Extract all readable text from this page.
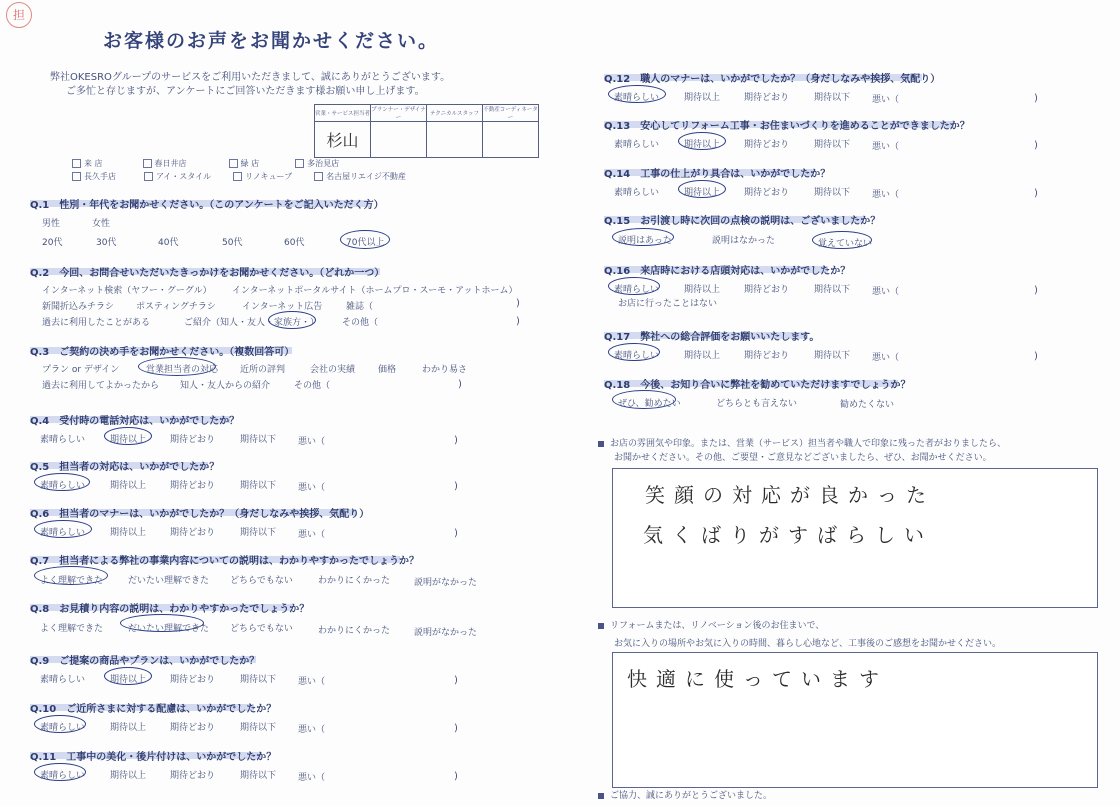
担
お客様のお声をお聞かせください。
弊社OKESROグループのサービスをご利用いただきまして、誠にありがとうございます。
ご多忙と存じますが、アンケートにご回答いただきます様お願い申し上げます。
営業・サービス担当者	プランナー・デザイナー	テクニカルスタッフ	不動産コーディネーター
杉山			
来 店	春日井店	緑 店	多治見店
長久手店	アイ・スタイル	リノキューブ	名古屋リエイジ不動産
Q.1　性別・年代をお聞かせください。（このアンケートをご記入いただく方）
男性	女性
20代	30代	40代	50代	60代	70代以上
Q.2　今回、お問合せいただいたきっかけをお聞かせください。（どれか一つ）
インターネット検索（ヤフー・グーグル） インターネットポータルサイト（ホームプロ・スーモ・アットホーム）
新聞折込みチラシ ポスティングチラシ	インターネット広告	雑誌（	)
過去に利用したことがある	ご紹介（知人・友人・家族方・）	その他（	)
Q.3　ご契約の決め手をお聞かせください。（複数回答可）
プラン or デザイン	営業担当者の対応 近所の評判	会社の実績	価格	わかり易さ
過去に利用してよかったから 知人・友人からの紹介	その他（	)
Q.4　受付時の電話対応は、いかがでしたか？
素晴らしい	期待以上	期待どおり	期待以下 悪い（	)
Q.5　担当者の対応は、いかがでしたか？
素晴らしい	期待以上	期待どおり	期待以下 悪い（	)
Q.6　担当者のマナーは、いかがでしたか？（身だしなみや挨拶、気配り）
素晴らしい	期待以上	期待どおり	期待以下 悪い（	)
Q.9　ご提案の商品やプランは、いかがでしたか？
素晴らしい	期待以上	期待どおり	期待以下 悪い（	)
Q.10　ご近所さまに対する配慮は、いかがでしたか？
素晴らしい	期待以上	期待どおり	期待以下 悪い（	)
Q.11　工事中の美化・後片付けは、いかがでしたか？
素晴らしい	期待以上	期待どおり	期待以下 悪い（	)
Q.12　職人のマナーは、いかがでしたか？（身だしなみや挨拶、気配り）
素晴らしい	期待以上	期待どおり	期待以下 悪い（	)
Q.13　安心してリフォーム工事・お住まいづくりを進めることができましたか？
素晴らしい	期待以上	期待どおり	期待以下 悪い（	)
Q.14　工事の仕上がり具合は、いかがでしたか？
素晴らしい	期待以上	期待どおり	期待以下 悪い（	)
Q.16　来店時における店頭対応は、いかがでしたか？
素晴らしい	期待以上	期待どおり	期待以下 悪い（	)
Q.17　弊社への総合評価をお願いいたします。
素晴らしい	期待以上	期待どおり	期待以下 悪い（	)
Q.7　担当者による弊社の事業内容についての説明は、わかりやすかったでしょうか？
よく理解できた	だいたい理解できた どちらでもない	わかりにくかった	説明がなかった
Q.8　お見積り内容の説明は、わかりやすかったでしょうか？
よく理解できた	だいたい理解できた どちらでもない	わかりにくかった	説明がなかった
お店の雰囲気や印象。または、営業（サービス）担当者や職人で印象に残った者がおりましたら、
お聞かせください。その他、ご要望・ご意見などございましたら、ぜひ、お聞かせください。
笑顔の対応が良かった
気くばりがすばらしい
リフォームまたは、リノベーション後のお住まいで、
お気に入りの場所やお気に入りの時間、暮らし心地など、工事後のご感想をお聞かせください。
快適に使っています
ご協力、誠にありがとうございました。
Q.15　お引渡し時に次回の点検の説明は、ございましたか？
説明はあった	説明はなかった	覚えていない
お店に行ったことはない
Q.18　今後、お知り合いに弊社を勧めていただけますでしょうか？
ぜひ、勧めたい	どちらとも言えない	勧めたくない
